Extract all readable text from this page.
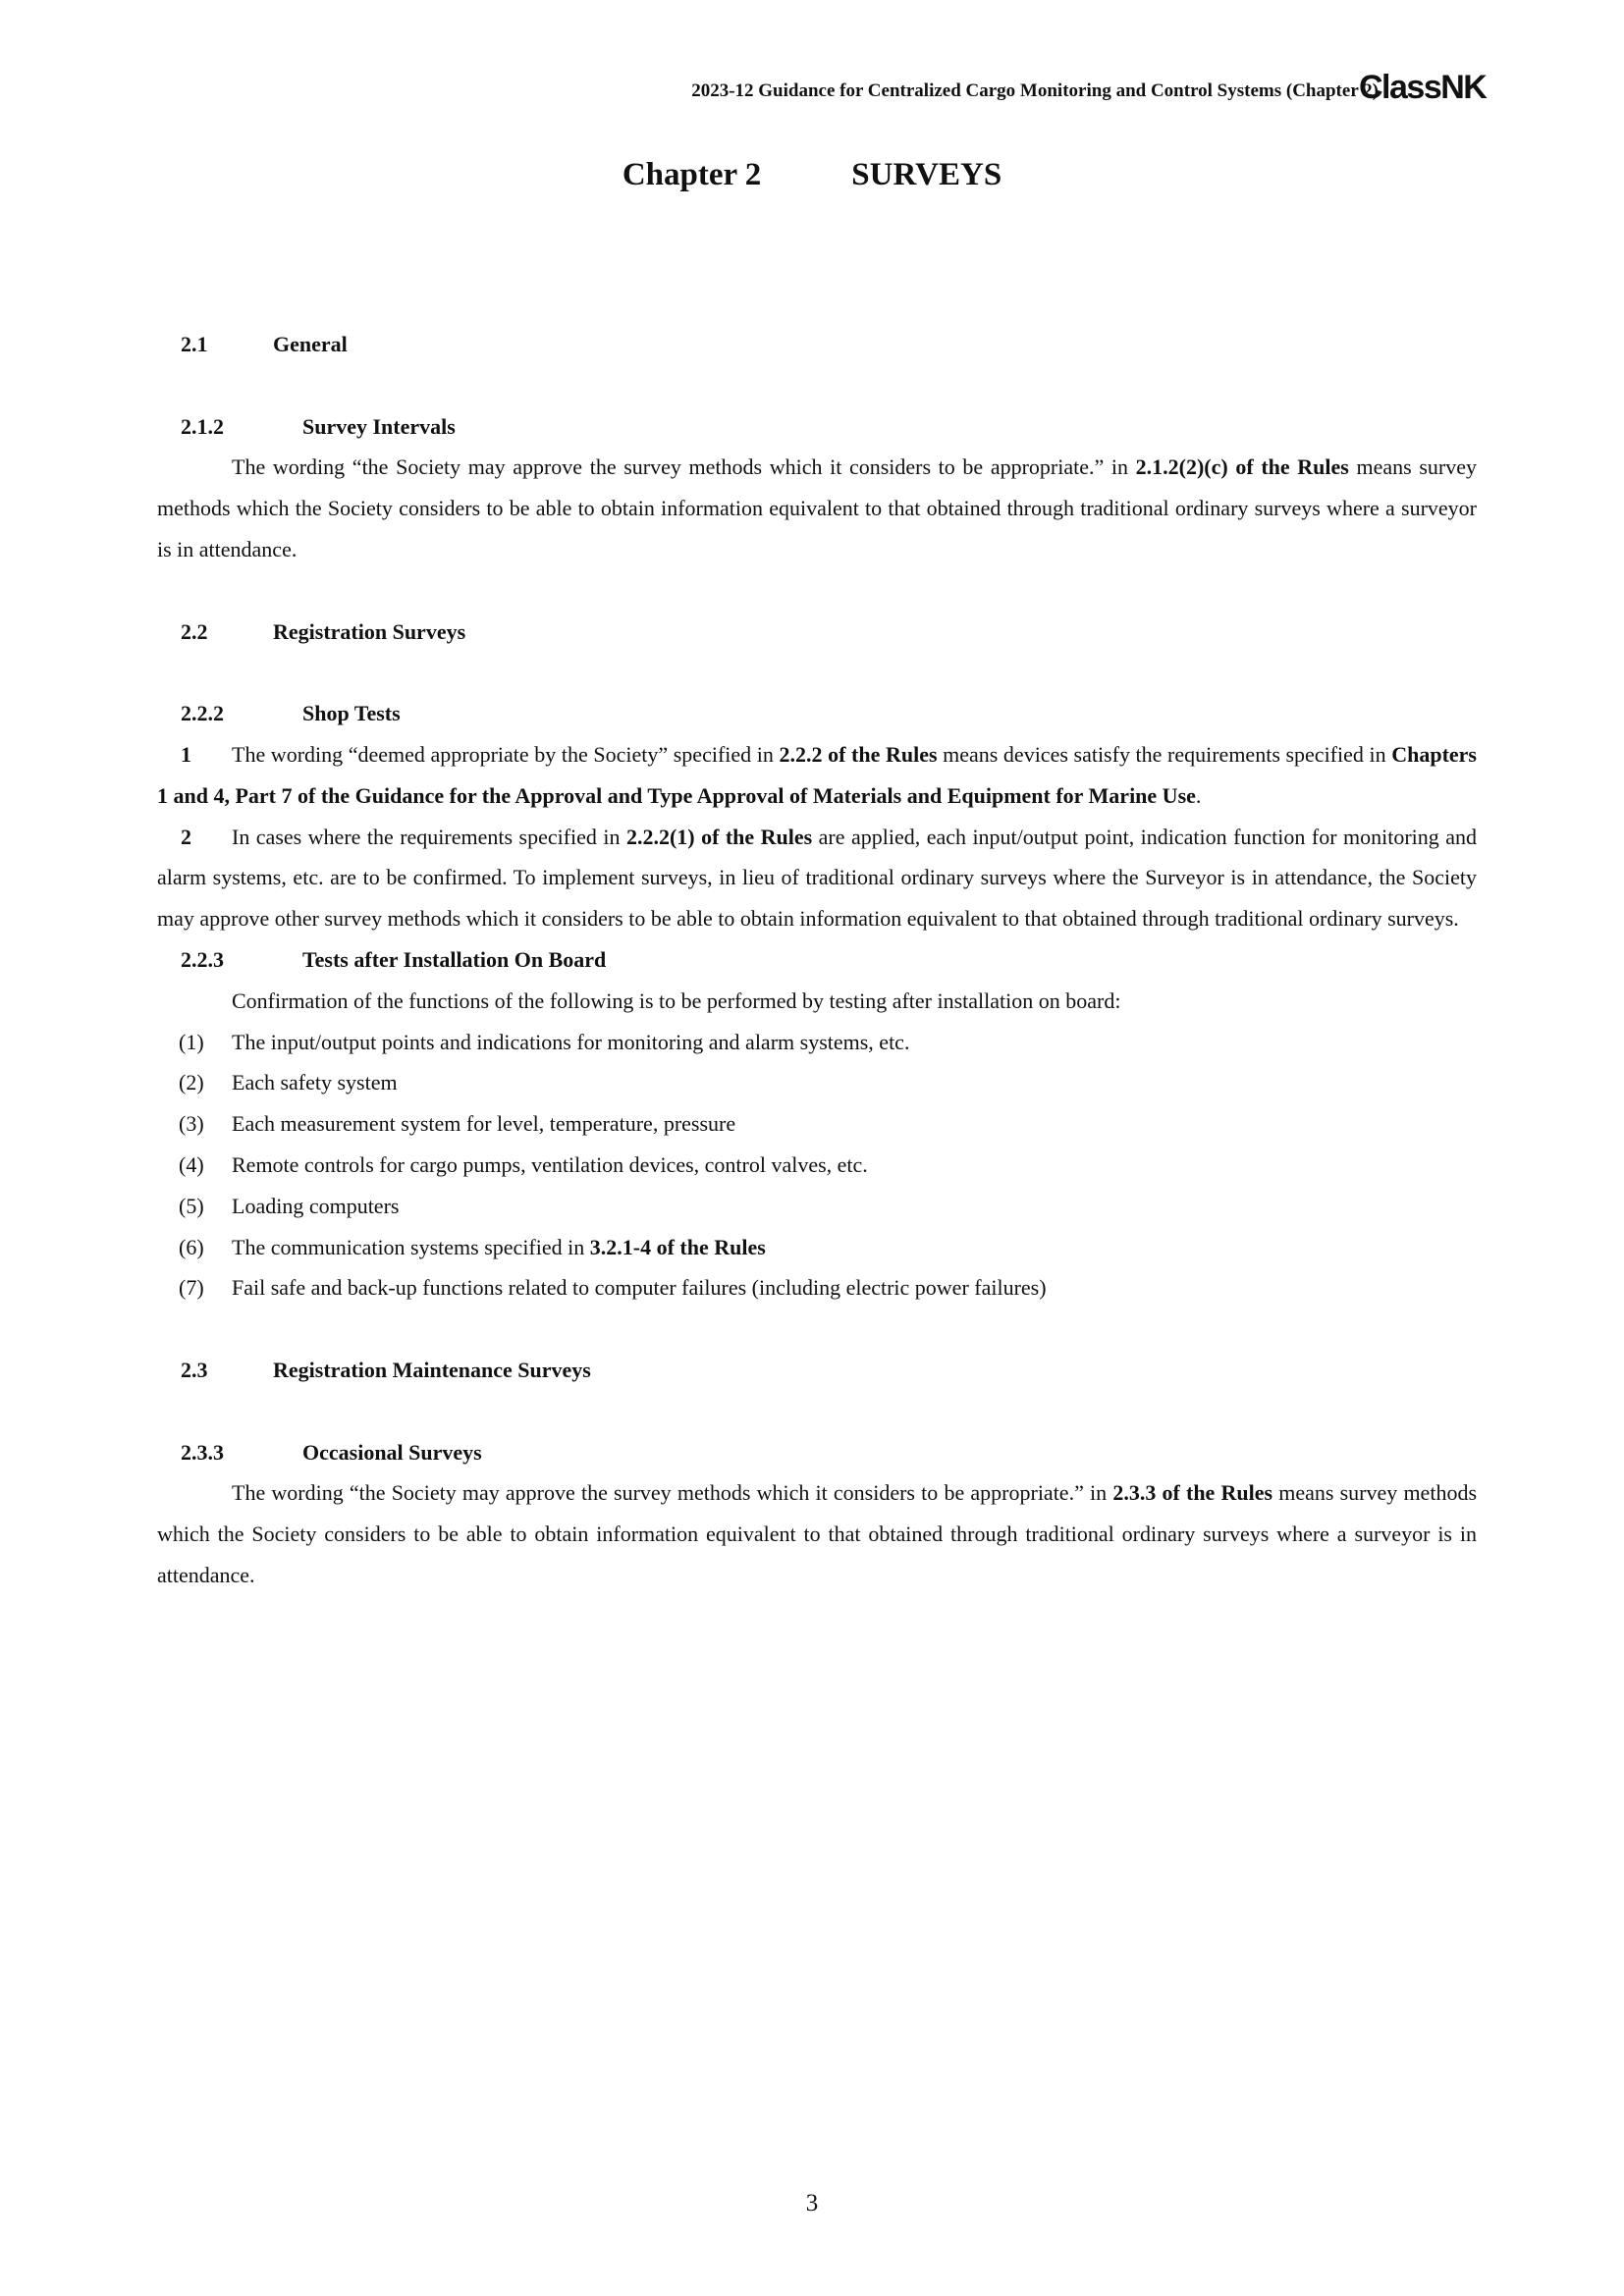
2023-12 Guidance for Centralized Cargo Monitoring and Control Systems (Chapter 2)
ClassNK
Chapter 2	SURVEYS
2.1	General
2.1.2	Survey Intervals

The wording “the Society may approve the survey methods which it considers to be appropriate.” in 2.1.2(2)(c) of the Rules means survey methods which the Society considers to be able to obtain information equivalent to that obtained through traditional ordinary surveys where a surveyor is in attendance.

2.2	Registration Surveys
2.2.2	Shop Tests

1 The wording “deemed appropriate by the Society” specified in 2.2.2 of the Rules means devices satisfy the requirements specified in Chapters 1 and 4, Part 7 of the Guidance for the Approval and Type Approval of Materials and Equipment for Marine Use.

2 In cases where the requirements specified in 2.2.2(1) of the Rules are applied, each input/output point, indication function for monitoring and alarm systems, etc. are to be confirmed. To implement surveys, in lieu of traditional ordinary surveys where the Surveyor is in attendance, the Society may approve other survey methods which it considers to be able to obtain information equivalent to that obtained through traditional ordinary surveys.

2.2.3	Tests after Installation On Board

Confirmation of the functions of the following is to be performed by testing after installation on board:

(1) The input/output points and indications for monitoring and alarm systems, etc.
(2) Each safety system
(3) Each measurement system for level, temperature, pressure
(4) Remote controls for cargo pumps, ventilation devices, control valves, etc.
(5) Loading computers
(6) The communication systems specified in 3.2.1-4 of the Rules
(7) Fail safe and back-up functions related to computer failures (including electric power failures)
2.3	Registration Maintenance Surveys
2.3.3	Occasional Surveys

The wording “the Society may approve the survey methods which it considers to be appropriate.” in 2.3.3 of the Rules means survey methods which the Society considers to be able to obtain information equivalent to that obtained through traditional ordinary surveys where a surveyor is in attendance.

3
